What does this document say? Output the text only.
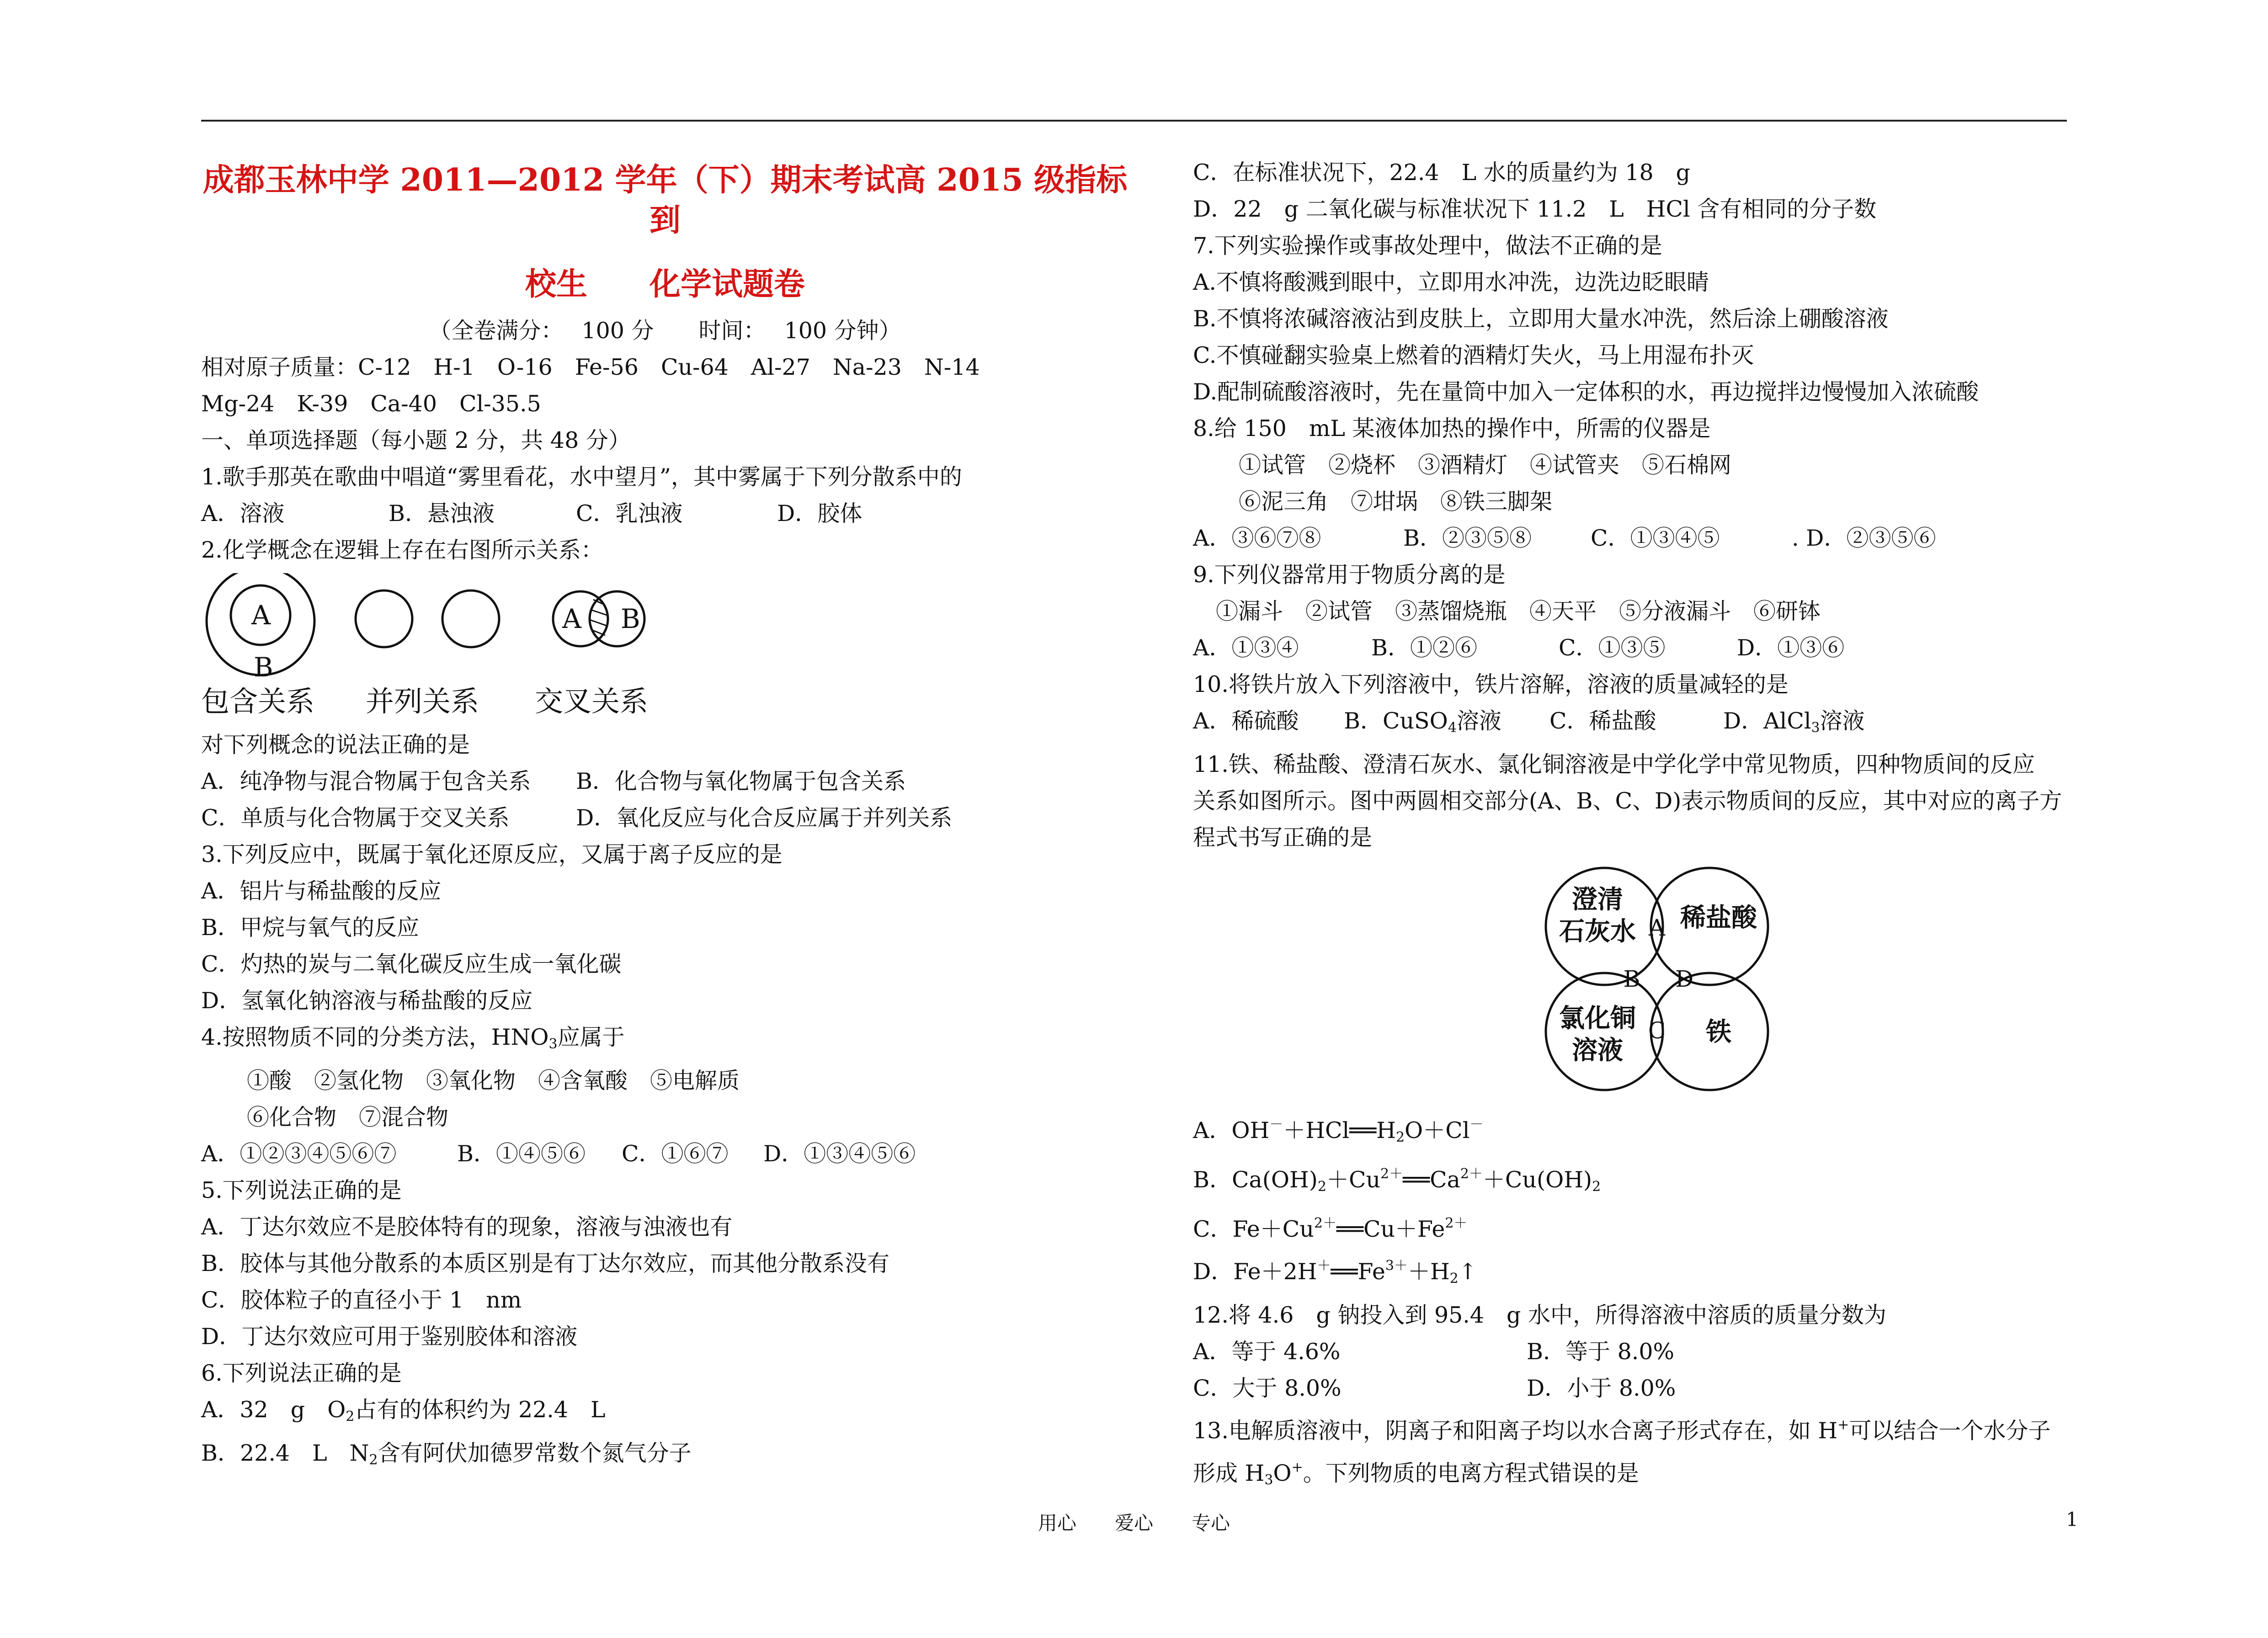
成都玉林中学 2011—2012 学年（下）期末考试高 2015 级指标到
校生　　化学试题卷
（全卷满分：　 100 分　　时间：　 100 分钟）
相对原子质量：C-12　H-1　O-16　Fe-56　Cu-64　Al-27　Na-23　N-14
Mg-24　K-39　Ca-40　Cl-35.5
一、单项选择题（每小题 2 分，共 48 分）
1.歌手那英在歌曲中唱道“雾里看花，水中望月”，其中雾属于下列分散系中的
A．溶液	B．悬浊液	C．乳浊液	D．胶体
2.化学概念在逻辑上存在右图所示关系：
A
B
A B
包含关系	并列关系	交叉关系
对下列概念的说法正确的是
A．纯净物与混合物属于包含关系	B．化合物与氧化物属于包含关系
C．单质与化合物属于交叉关系	D．氧化反应与化合反应属于并列关系
3.下列反应中，既属于氧化还原反应，又属于离子反应的是
A．铝片与稀盐酸的反应
B．甲烷与氧气的反应
C．灼热的炭与二氧化碳反应生成一氧化碳
D．氢氧化钠溶液与稀盐酸的反应
4.按照物质不同的分类方法，$HNO_3$应属于
①酸　②氢化物　③氧化物　④含氧酸　⑤电解质
⑥化合物　⑦混合物
A．①②③④⑤⑥⑦	B．①④⑤⑥	C．①⑥⑦	D．①③④⑤⑥
5.下列说法正确的是
A．丁达尔效应不是胶体特有的现象，溶液与浊液也有
B．胶体与其他分散系的本质区别是有丁达尔效应，而其他分散系没有
C．胶体粒子的直径小于 1　nm
D．丁达尔效应可用于鉴别胶体和溶液
6.下列说法正确的是
A．32　g　$O_2$占有的体积约为 22.4　L
B．22.4　L　$N_2$含有阿伏加德罗常数个氮气分子
C．在标准状况下，22.4　L 水的质量约为 18　g
D．22　g 二氧化碳与标准状况下 11.2　L　HCl 含有相同的分子数
7.下列实验操作或事故处理中，做法不正确的是
A.不慎将酸溅到眼中，立即用水冲洗，边洗边眨眼睛
B.不慎将浓碱溶液沾到皮肤上，立即用大量水冲洗，然后涂上硼酸溶液
C.不慎碰翻实验桌上燃着的酒精灯失火，马上用湿布扑灭
D.配制硫酸溶液时，先在量筒中加入一定体积的水，再边搅拌边慢慢加入浓硫酸
8.给 150　mL 某液体加热的操作中，所需的仪器是
①试管　②烧杯　③酒精灯　④试管夹　⑤石棉网
⑥泥三角　⑦坩埚　⑧铁三脚架
A．③⑥⑦⑧	B．②③⑤⑧	C．①③④⑤	. D．②③⑤⑥
9.下列仪器常用于物质分离的是
①漏斗　②试管　③蒸馏烧瓶　④天平　⑤分液漏斗　⑥研钵
A．①③④	B．①②⑥	C．①③⑤	D．①③⑥
10.将铁片放入下列溶液中，铁片溶解，溶液的质量减轻的是
A．稀硫酸	B．CuSO4溶液	C．稀盐酸	D．AlCl3溶液
11.铁、稀盐酸、澄清石灰水、氯化铜溶液是中学化学中常见物质，四种物质间的反应
关系如图所示。图中两圆相交部分(A、B、C、D)表示物质间的反应，其中对应的离子方
程式书写正确的是
澄清
石灰水 稀盐酸
氯化铜
溶液
铁
A
B
C
D
A．$OH^-+HCl══H_2O+Cl^-$
B．$Ca(OH)_2+Cu^{2+}══Ca^{2+}+Cu(OH)_2$
C．$Fe+Cu^{2+}══Cu+Fe^{2+}$
D．$Fe+2H^+══Fe^{3+}+H_2↑$
12.将 4.6　g 钠投入到 95.4　g 水中，所得溶液中溶质的质量分数为
A．等于 4.6%	B．等于 8.0%
C．大于 8.0%	D．小于 8.0%
13.电解质溶液中，阴离子和阳离子均以水合离子形式存在，如 H+可以结合一个水分子
形成 $H_3O^+$。下列物质的电离方程式错误的是
用心　　爱心　　专心	1
